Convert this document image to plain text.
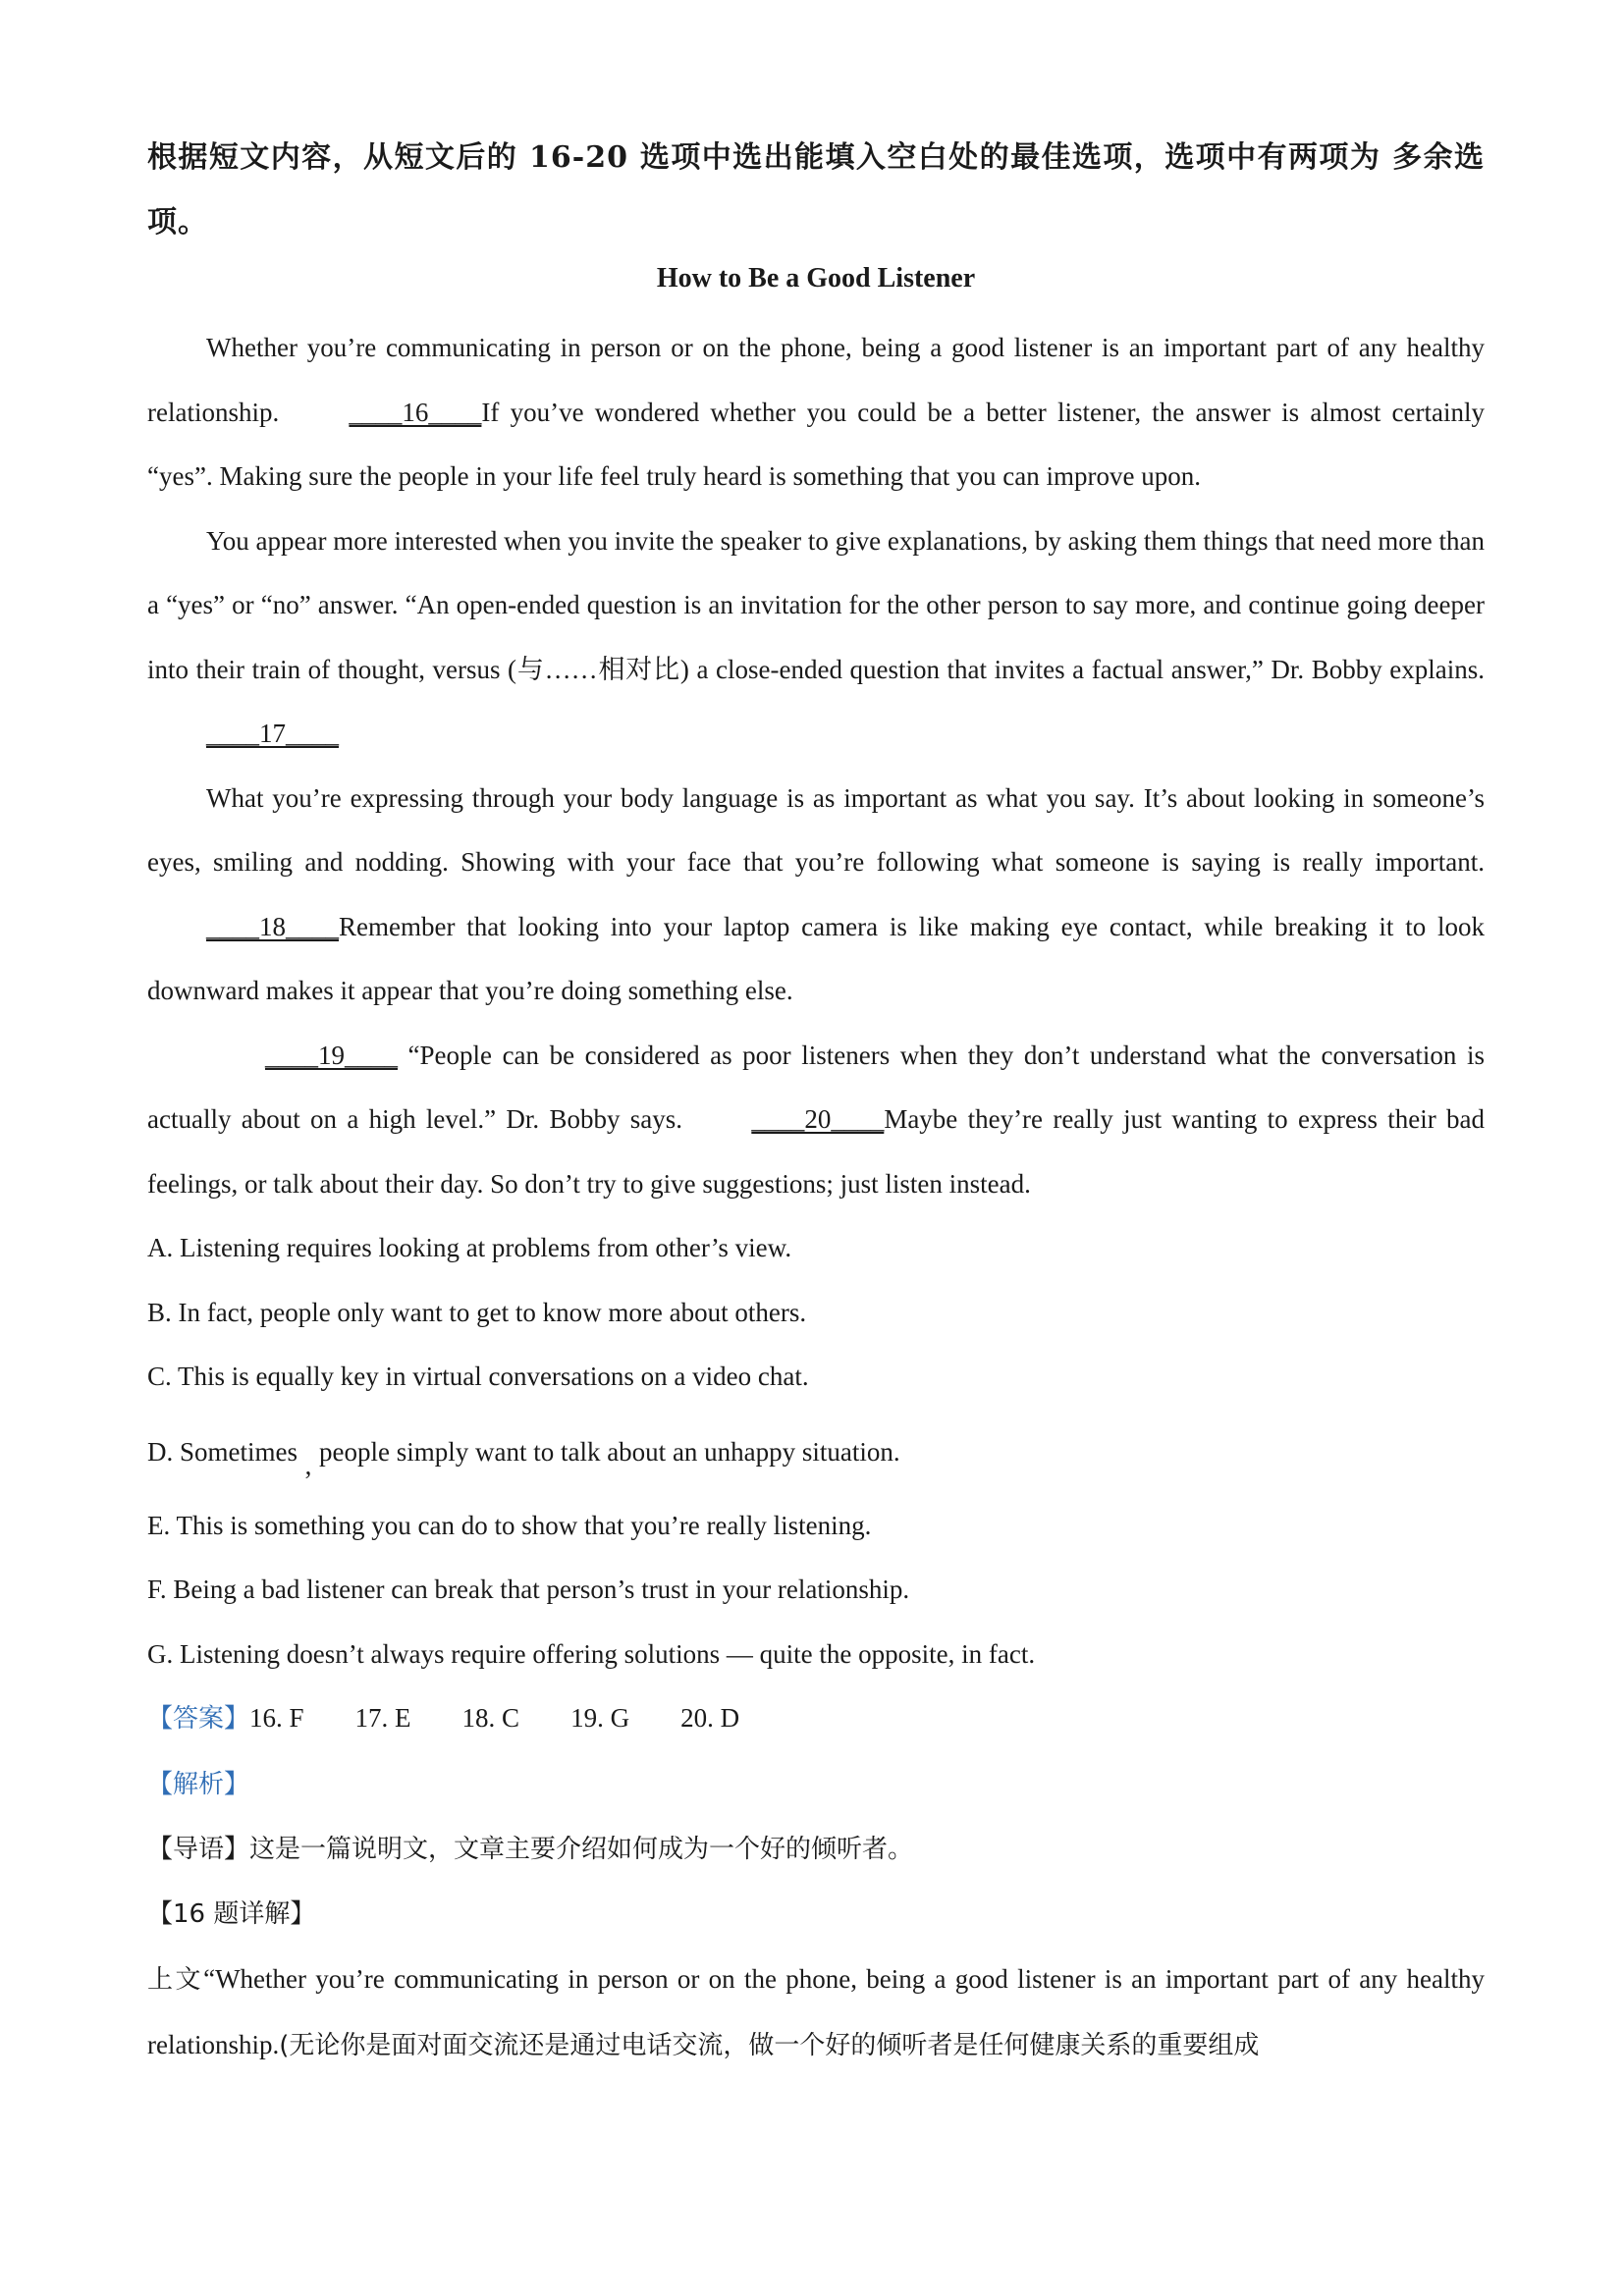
根据短文内容，从短文后的 16-20 选项中选出能填入空白处的最佳选项，选项中有两项为 多余选项。

How to Be a Good Listener

Whether you’re communicating in person or on the phone, being a good listener is an important part of any healthy relationship. ____16____If you’ve wondered whether you could be a better listener, the answer is almost certainly “yes”. Making sure the people in your life feel truly heard is something that you can improve upon.

You appear more interested when you invite the speaker to give explanations, by asking them things that need more than a “yes” or “no” answer. “An open-ended question is an invitation for the other person to say more, and continue going deeper into their train of thought, versus (与……相对比) a close-ended question that invites a factual answer,” Dr. Bobby explains. ____17____

What you’re expressing through your body language is as important as what you say. It’s about looking in someone’s eyes, smiling and nodding. Showing with your face that you’re following what someone is saying is really important. ____18____Remember that looking into your laptop camera is like making eye contact, while breaking it to look downward makes it appear that you’re doing something else.

____19____ “People can be considered as poor listeners when they don’t understand what the conversation is actually about on a high level.” Dr. Bobby says. ____20____Maybe they’re really just wanting to express their bad feelings, or talk about their day. So don’t try to give suggestions; just listen instead.

A. Listening requires looking at problems from other’s view.

B. In fact, people only want to get to know more about others.

C. This is equally key in virtual conversations on a video chat.

D. Sometimes , people simply want to talk about an unhappy situation.

E. This is something you can do to show that you’re really listening.

F. Being a bad listener can break that person’s trust in your relationship.

G. Listening doesn’t always require offering solutions — quite the opposite, in fact.

【答案】16. F 17. E 18. C 19. G 20. D

【解析】

【导语】这是一篇说明文，文章主要介绍如何成为一个好的倾听者。

【16 题详解】

上文“Whether you’re communicating in person or on the phone, being a good listener is an important part of any healthy relationship.(无论你是面对面交流还是通过电话交流，做一个好的倾听者是任何健康关系的重要组成
